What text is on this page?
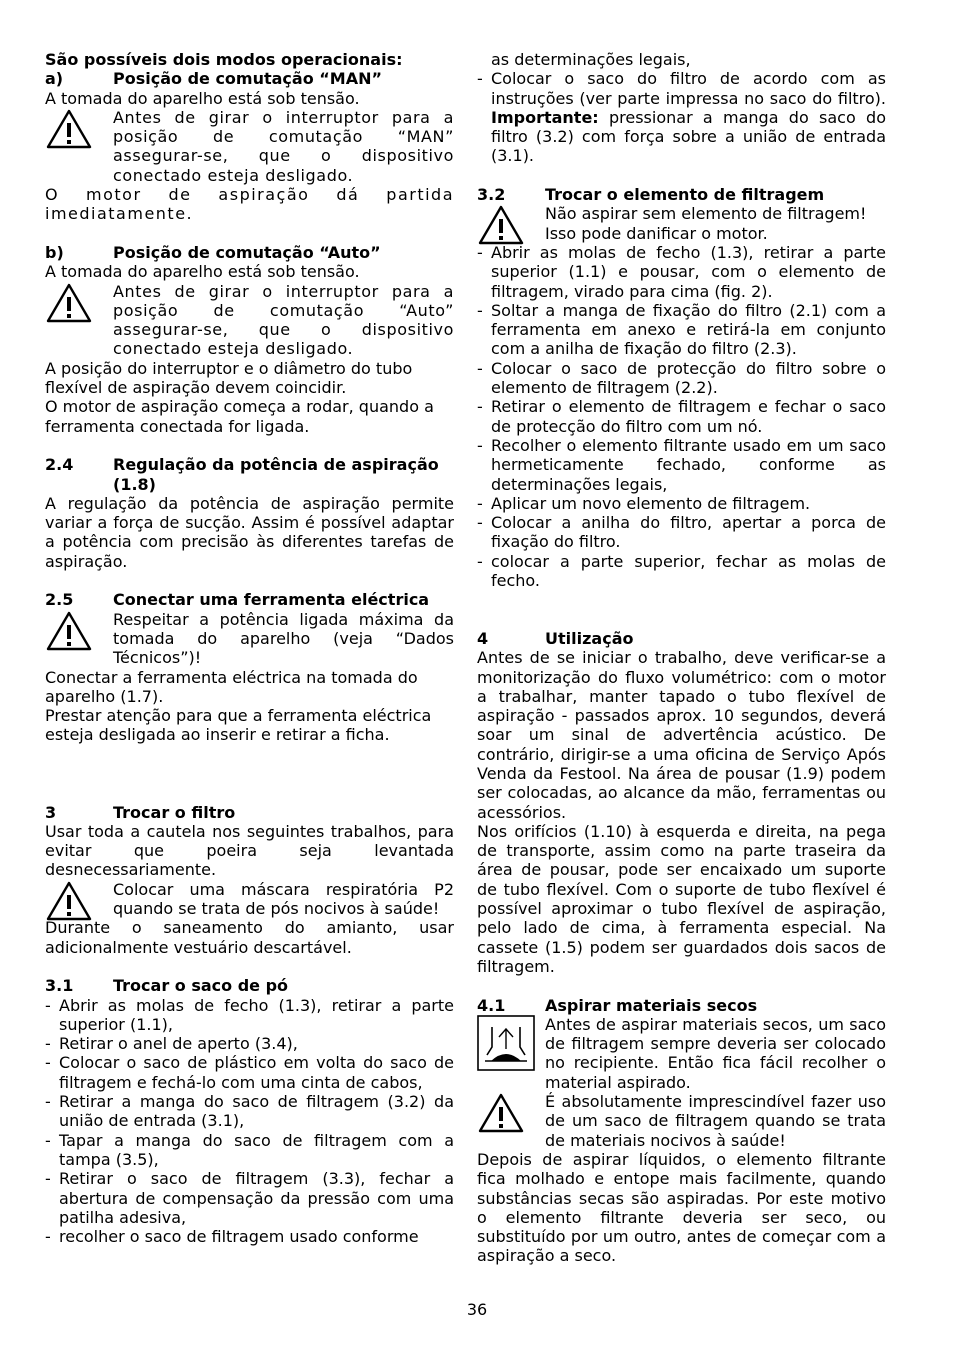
São possíveis dois modos operacionais:

a)	Posição de comutação “MAN”

A tomada do aparelho está sob tensão.

Antes de girar o interruptor para a posição de comutação “MAN” assegurar-se, que o dispositivo conectado esteja desligado.

O motor de aspiração dá partida imediatamente.

b)	Posição de comutação “Auto”

A tomada do aparelho está sob tensão.

Antes de girar o interruptor para a posição de comutação “Auto” assegurar-se, que o dispositivo conectado esteja desligado.

A posição do interruptor e o diâmetro do tubo flexível de aspiração devem coincidir.

O motor de aspiração começa a rodar, quando a ferramenta conectada for ligada.

2.4	Regulação da potência de aspiração (1.8)

A regulação da potência de aspiração permite variar a força de sucção. Assim é possível adaptar a potência com precisão às diferentes tarefas de aspiração.

2.5	Conectar uma ferramenta eléctrica
Respeitar a potência ligada máxima da tomada do aparelho (veja “Dados Técnicos”)!

Conectar a ferramenta eléctrica na tomada do aparelho (1.7).

Prestar atenção para que a ferramenta eléctrica esteja desligada ao inserir e retirar a ficha.

3	Trocar o filtro

Usar toda a cautela nos seguintes trabalhos, para evitar que poeira seja levantada desnecessariamente.

Colocar uma máscara respiratória P2 quando se trata de pós nocivos à saúde!

Durante o saneamento do amianto, usar adicionalmente vestuário descartável.

3.1	Trocar o saco de pó
- Abrir as molas de fecho (1.3), retirar a parte superior (1.1),
- Retirar o anel de aperto (3.4),
- Colocar o saco de plástico em volta do saco de filtragem e fechá-lo com uma cinta de cabos,
- Retirar a manga do saco de filtragem (3.2) da união de entrada (3.1),
- Tapar a manga do saco de filtragem com a tampa (3.5),
- Retirar o saco de filtragem (3.3), fechar a abertura de compensação da pressão com uma patilha adesiva,
- recolher o saco de filtragem usado conforme
as determinações legais,
- Colocar o saco do filtro de acordo com as instruções (ver parte impressa no saco do filtro). Importante: pressionar a manga do saco do filtro (3.2) com força sobre a união de entrada (3.1).
3.2	Trocar o elemento de filtragem
Não aspirar sem elemento de filtragem! Isso pode danificar o motor.
- Abrir as molas de fecho (1.3), retirar a parte superior (1.1) e pousar, com o elemento de filtragem, virado para cima (fig. 2).
- Soltar a manga de fixação do filtro (2.1) com a ferramenta em anexo e retirá-la em conjunto com a anilha de fixação do filtro (2.3).
- Colocar o saco de protecção do filtro sobre o elemento de filtragem (2.2).
- Retirar o elemento de filtragem e fechar o saco de protecção do filtro com um nó.
- Recolher o elemento filtrante usado em um saco hermeticamente fechado, conforme as determinações legais,
- Aplicar um novo elemento de filtragem.
- Colocar a anilha do filtro, apertar a porca de fixação do filtro.
- colocar a parte superior, fechar as molas de fecho.
4	Utilização

Antes de se iniciar o trabalho, deve verificar-se a monitorização do fluxo volumétrico: com o motor a trabalhar, manter tapado o tubo flexível de aspiração - passados aprox. 10 segundos, deverá soar um sinal de advertência acústico. De contrário, dirigir-se a uma oficina de Serviço Após Venda da Festool. Na área de pousar (1.9) podem ser colocadas, ao alcance da mão, ferramentas ou acessórios.

Nos orifícios (1.10) à esquerda e direita, na pega de transporte, assim como na parte traseira da área de pousar, pode ser encaixado um suporte de tubo flexível. Com o suporte de tubo flexível é possível aproximar o tubo flexível de aspiração, pelo lado de cima, à ferramenta especial. Na cassete (1.5) podem ser guardados dois sacos de filtragem.

4.1	Aspirar materiais secos
Antes de aspirar materiais secos, um saco de filtragem sempre deveria ser colocado no recipiente. Então fica fácil recolher o material aspirado.
É absolutamente imprescindível fazer uso de um saco de filtragem quando se trata de materiais nocivos à saúde!

Depois de aspirar líquidos, o elemento filtrante fica molhado e entope mais facilmente, quando substâncias secas são aspiradas. Por este motivo o elemento filtrante deveria ser seco, ou substituído por um outro, antes de começar com a aspiração a seco.

36
